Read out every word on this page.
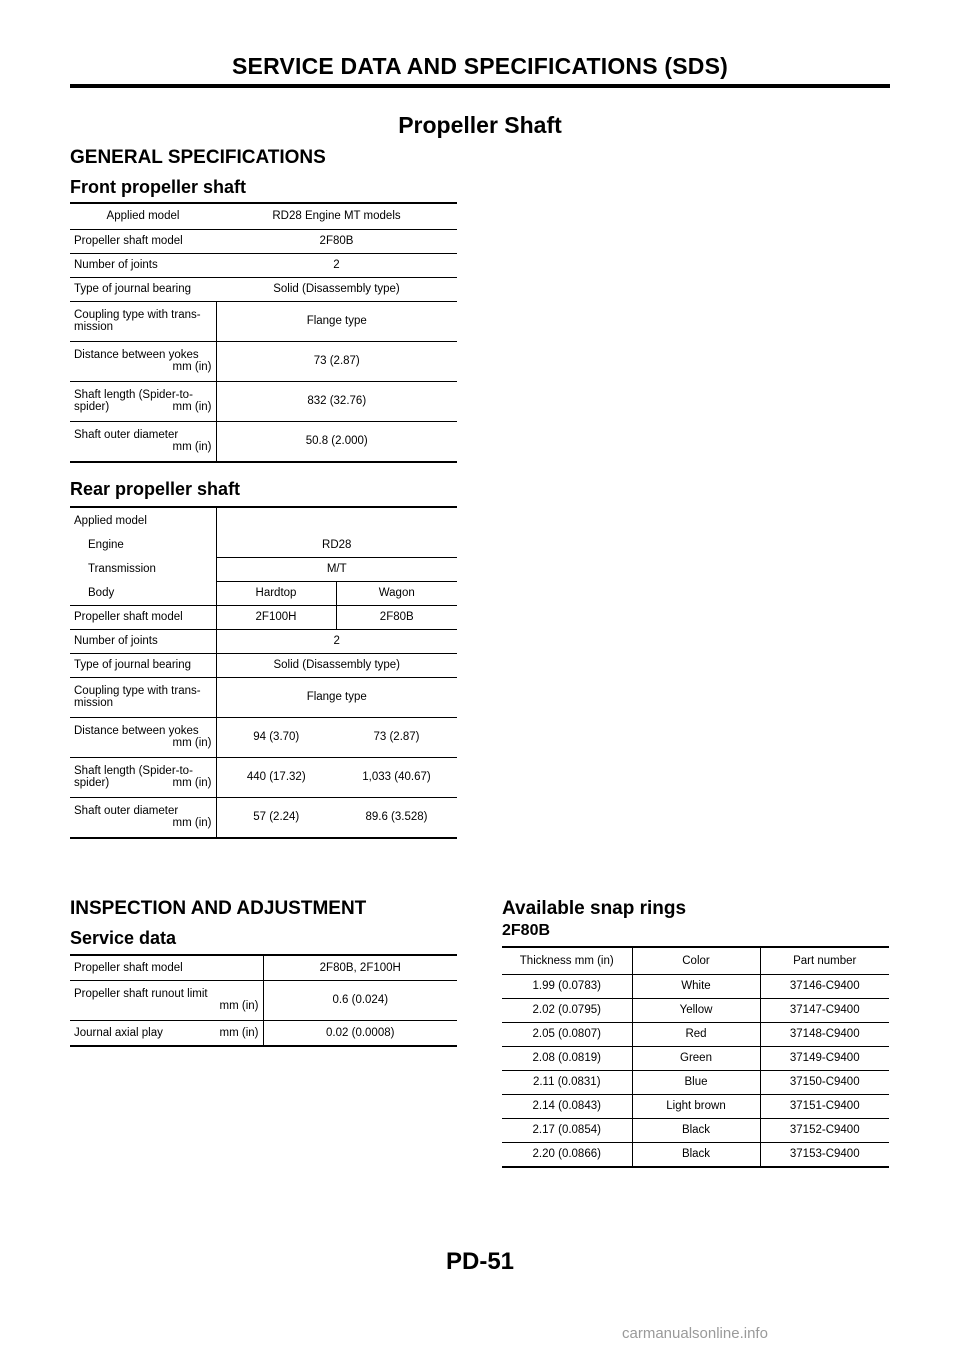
SERVICE DATA AND SPECIFICATIONS (SDS)
Propeller Shaft
GENERAL SPECIFICATIONS
Front propeller shaft
Applied model	RD28 Engine MT models
Propeller shaft model	2F80B
Number of joints	2
Type of journal bearing	Solid (Disassembly type)

Coupling type with trans-
mission	Flange type

Distance between yokes
mm (in)	73 (2.87)

Shaft length (Spider-to-
spider) mm (in)	832 (32.76)

Shaft outer diameter
mm (in)	50.8 (2.000)
Rear propeller shaft
Applied model		
Engine	RD28	
Transmission	M/T	
Body	Hardtop	Wagon
Propeller shaft model	2F100H	2F80B
Number of joints	2	
Type of journal bearing	Solid (Disassembly type)	

Coupling type with trans-
mission	Flange type	

Distance between yokes
mm (in)	94 (3.70)	73 (2.87)

Shaft length (Spider-to-
spider) mm (in)	440 (17.32)	1,033 (40.67)

Shaft outer diameter
mm (in)	57 (2.24)	89.6 (3.528)
INSPECTION AND ADJUSTMENT
Service data
Propeller shaft model	2F80B, 2F100H

Propeller shaft runout limit
mm (in)	0.6 (0.024)

Journal axial play mm (in)	0.02 (0.0008)
Available snap rings
2F80B
Thickness mm (in)	Color	Part number
1.99 (0.0783)	White	37146-C9400
2.02 (0.0795)	Yellow	37147-C9400
2.05 (0.0807)	Red	37148-C9400
2.08 (0.0819)	Green	37149-C9400
2.11 (0.0831)	Blue	37150-C9400
2.14 (0.0843)	Light brown	37151-C9400
2.17 (0.0854)	Black	37152-C9400
2.20 (0.0866)	Black	37153-C9400
PD-51
carmanualsonline.info
